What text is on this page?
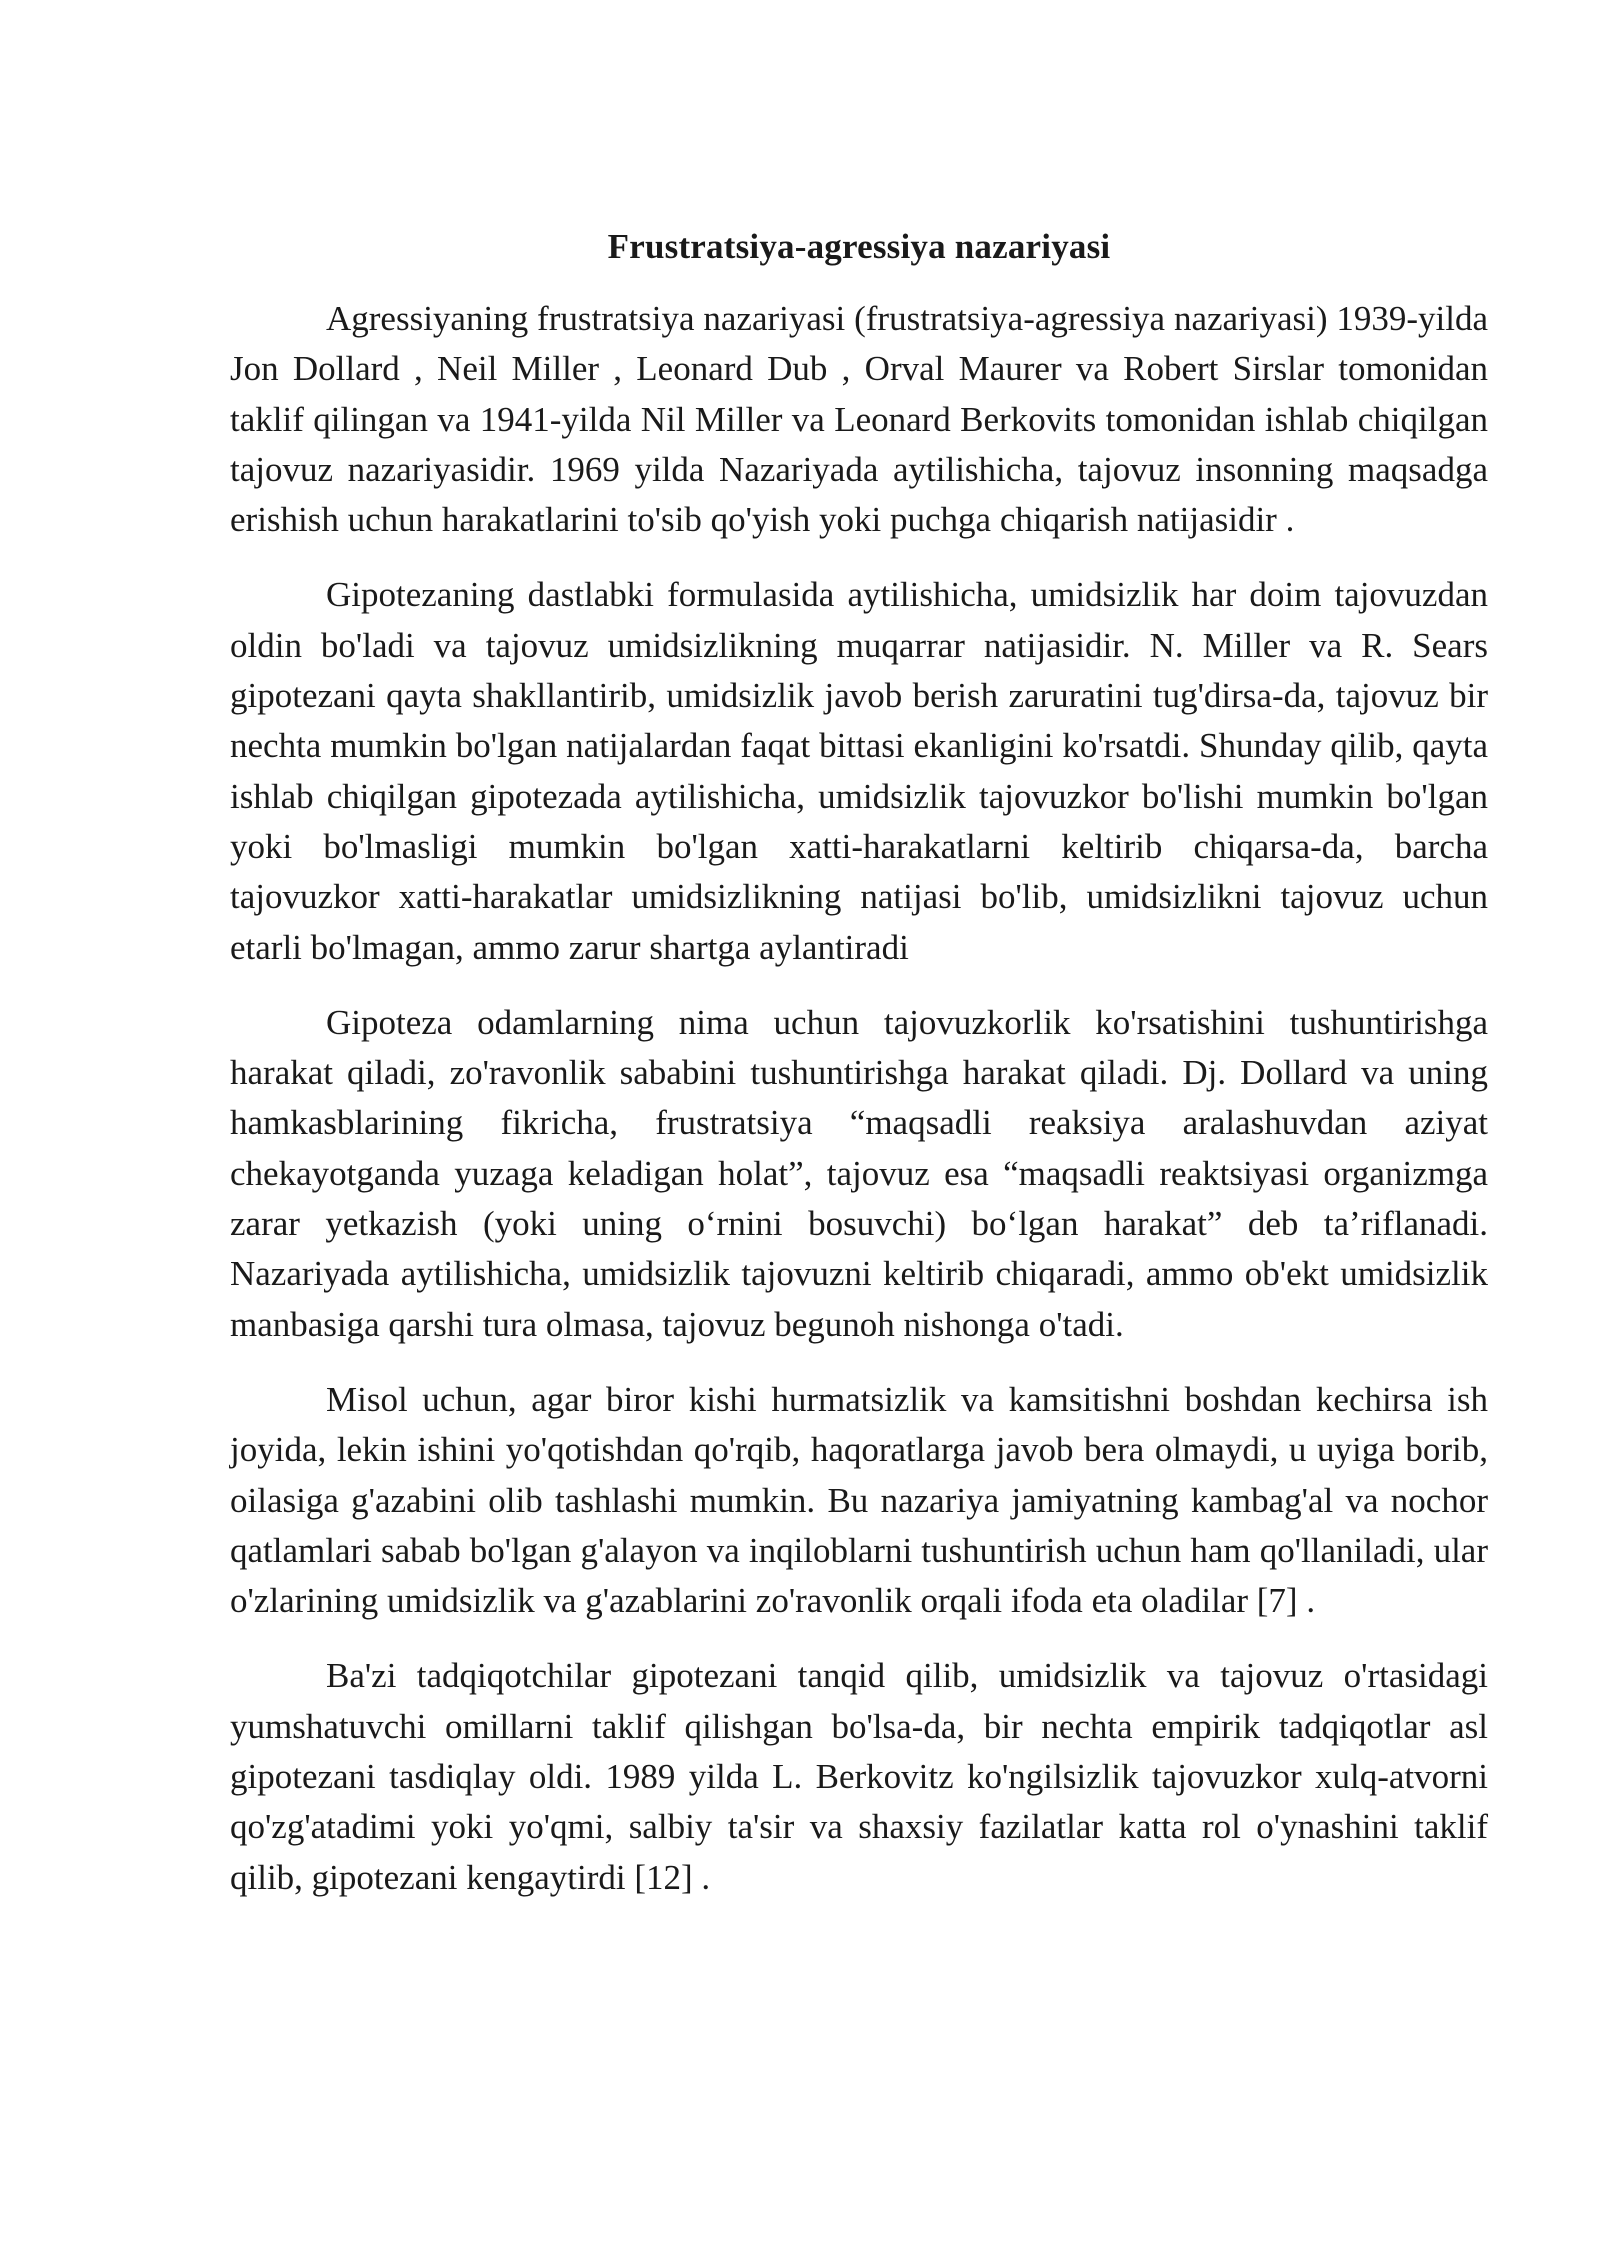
Frustratsiya-agressiya nazariyasi

Agressiyaning frustratsiya nazariyasi (frustratsiya-agressiya nazariyasi) 1939-yilda Jon Dollard , Neil Miller , Leonard Dub , Orval Maurer va Robert Sirslar tomonidan taklif qilingan va 1941-yilda Nil Miller va Leonard Berkovits tomonidan ishlab chiqilgan tajovuz nazariyasidir. 1969 yilda Nazariyada aytilishicha, tajovuz insonning maqsadga erishish uchun harakatlarini to'sib qo'yish yoki puchga chiqarish natijasidir .

Gipotezaning dastlabki formulasida aytilishicha, umidsizlik har doim tajovuzdan oldin bo'ladi va tajovuz umidsizlikning muqarrar natijasidir. N. Miller va R. Sears gipotezani qayta shakllantirib, umidsizlik javob berish zaruratini tug'dirsa-da, tajovuz bir nechta mumkin bo'lgan natijalardan faqat bittasi ekanligini ko'rsatdi. Shunday qilib, qayta ishlab chiqilgan gipotezada aytilishicha, umidsizlik tajovuzkor bo'lishi mumkin bo'lgan yoki bo'lmasligi mumkin bo'lgan xatti-harakatlarni keltirib chiqarsa-da, barcha tajovuzkor xatti-harakatlar umidsizlikning natijasi bo'lib, umidsizlikni tajovuz uchun etarli bo'lmagan, ammo zarur shartga aylantiradi

Gipoteza odamlarning nima uchun tajovuzkorlik ko'rsatishini tushuntirishga harakat qiladi, zo'ravonlik sababini tushuntirishga harakat qiladi. Dj. Dollard va uning hamkasblarining fikricha, frustratsiya “maqsadli reaksiya aralashuvdan aziyat chekayotganda yuzaga keladigan holat”, tajovuz esa “maqsadli reaktsiyasi organizmga zarar yetkazish (yoki uning o‘rnini bosuvchi) bo‘lgan harakat” deb ta’riflanadi. Nazariyada aytilishicha, umidsizlik tajovuzni keltirib chiqaradi, ammo ob'ekt umidsizlik manbasiga qarshi tura olmasa, tajovuz begunoh nishonga o'tadi.

Misol uchun, agar biror kishi hurmatsizlik va kamsitishni boshdan kechirsa ish joyida, lekin ishini yo'qotishdan qo'rqib, haqoratlarga javob bera olmaydi, u uyiga borib, oilasiga g'azabini olib tashlashi mumkin. Bu nazariya jamiyatning kambag'al va nochor qatlamlari sabab bo'lgan g'alayon va inqiloblarni tushuntirish uchun ham qo'llaniladi, ular o'zlarining umidsizlik va g'azablarini zo'ravonlik orqali ifoda eta oladilar [7] .

Ba'zi tadqiqotchilar gipotezani tanqid qilib, umidsizlik va tajovuz o'rtasidagi yumshatuvchi omillarni taklif qilishgan bo'lsa-da, bir nechta empirik tadqiqotlar asl gipotezani tasdiqlay oldi. 1989 yilda L. Berkovitz ko'ngilsizlik tajovuzkor xulq-atvorni qo'zg'atadimi yoki yo'qmi, salbiy ta'sir va shaxsiy fazilatlar katta rol o'ynashini taklif qilib, gipotezani kengaytirdi [12] .
